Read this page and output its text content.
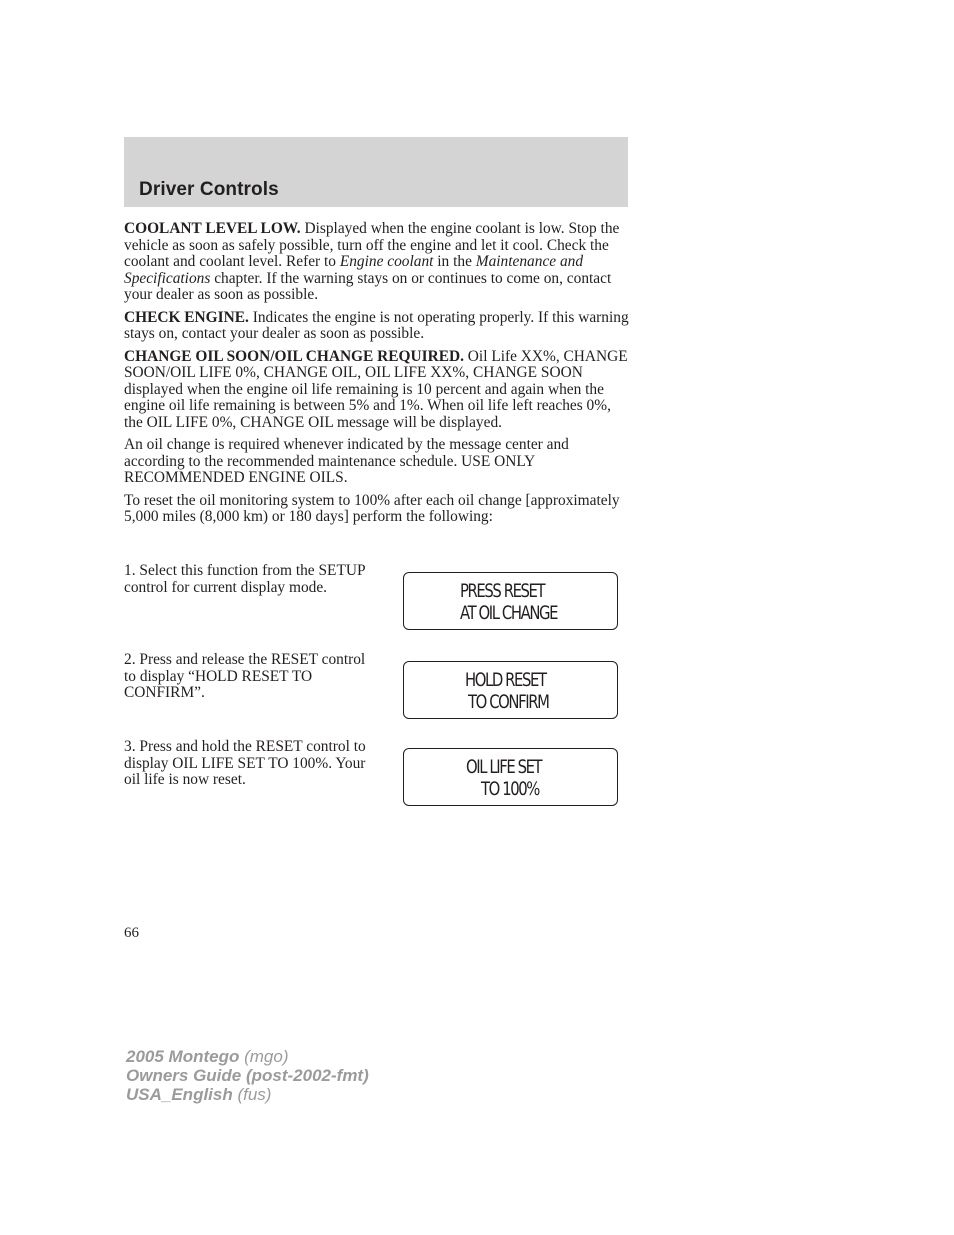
Driver Controls

COOLANT LEVEL LOW. Displayed when the engine coolant is low. Stop the vehicle as soon as safely possible, turn off the engine and let it cool. Check the coolant and coolant level. Refer to Engine coolant in the Maintenance and Specifications chapter. If the warning stays on or continues to come on, contact your dealer as soon as possible.

CHECK ENGINE. Indicates the engine is not operating properly. If this warning stays on, contact your dealer as soon as possible.

CHANGE OIL SOON/OIL CHANGE REQUIRED. Oil Life XX%, CHANGE SOON/OIL LIFE 0%, CHANGE OIL, OIL LIFE XX%, CHANGE SOON displayed when the engine oil life remaining is 10 percent and again when the engine oil life remaining is between 5% and 1%. When oil life left reaches 0%, the OIL LIFE 0%, CHANGE OIL message will be displayed.

An oil change is required whenever indicated by the message center and according to the recommended maintenance schedule. USE ONLY RECOMMENDED ENGINE OILS.

To reset the oil monitoring system to 100% after each oil change [approximately 5,000 miles (8,000 km) or 180 days] perform the following:

1. Select this function from the SETUP control for current display mode.	PRESS RESET
AT OIL CHANGE
2. Press and release the RESET control to display “HOLD RESET TO CONFIRM”.
HOLD RESET
TO CONFIRM
3. Press and hold the RESET control to display OIL LIFE SET TO 100%. Your oil life is now reset.
OIL LIFE SET
TO 100%
66
2005 Montego (mgo)
Owners Guide (post-2002-fmt)
USA_English (fus)
